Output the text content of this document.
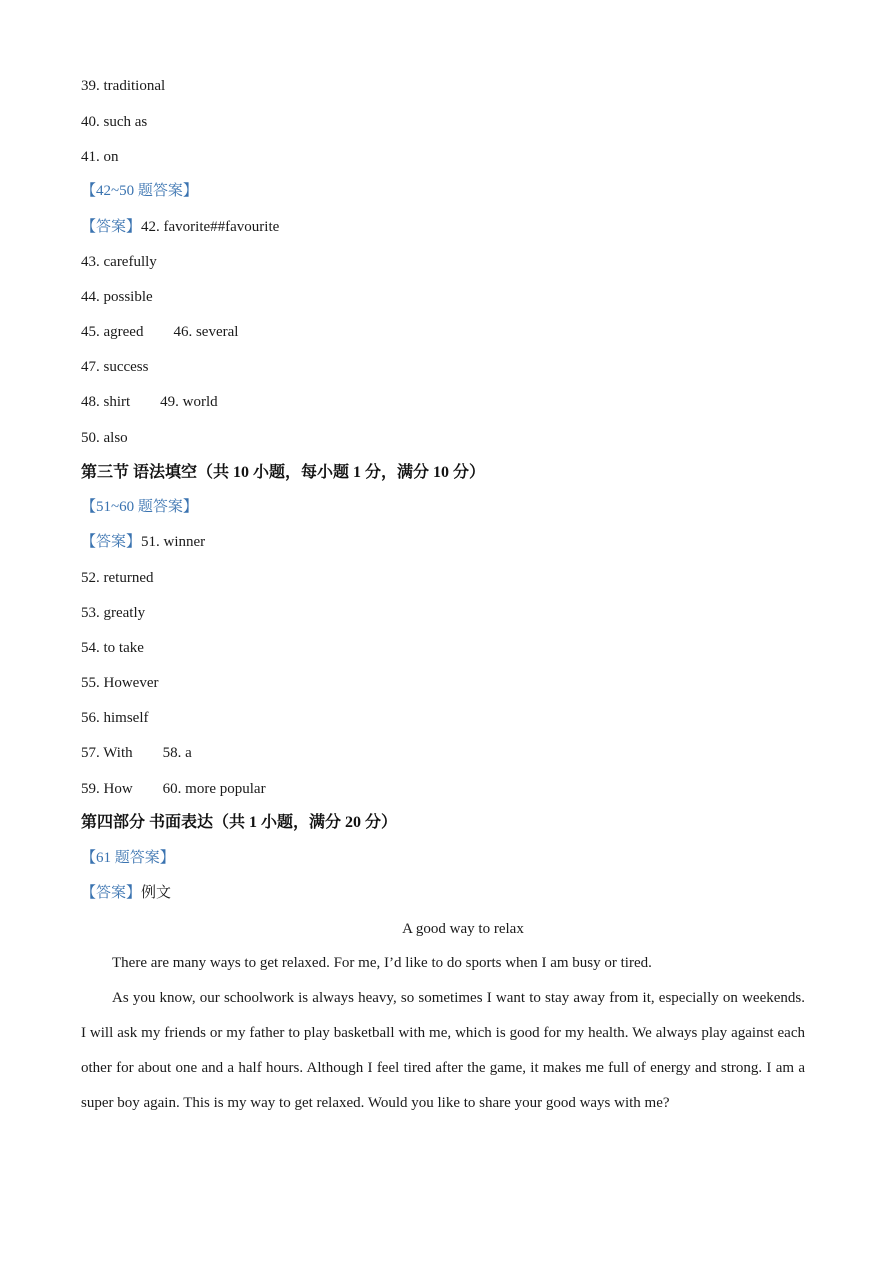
39. traditional
40. such as
41. on
【42~50 题答案】
【答案】42. favorite##favourite
43. carefully
44. possible
45. agreed 46. several
47. success
48. shirt 49. world
50. also
第三节 语法填空（共 10 小题，每小题 1 分，满分 10 分）
【51~60 题答案】
【答案】51. winner
52. returned
53. greatly
54. to take
55. However
56. himself
57. With 58. a
59. How 60. more popular
第四部分 书面表达（共 1 小题，满分 20 分）
【61 题答案】
【答案】例文
A good way to relax
There are many ways to get relaxed. For me, I’d like to do sports when I am busy or tired.
As you know, our schoolwork is always heavy, so sometimes I want to stay away from it, especially on weekends. I will ask my friends or my father to play basketball with me, which is good for my health. We always play against each other for about one and a half hours. Although I feel tired after the game, it makes me full of energy and strong. I am a super boy again. This is my way to get relaxed. Would you like to share your good ways with me?
